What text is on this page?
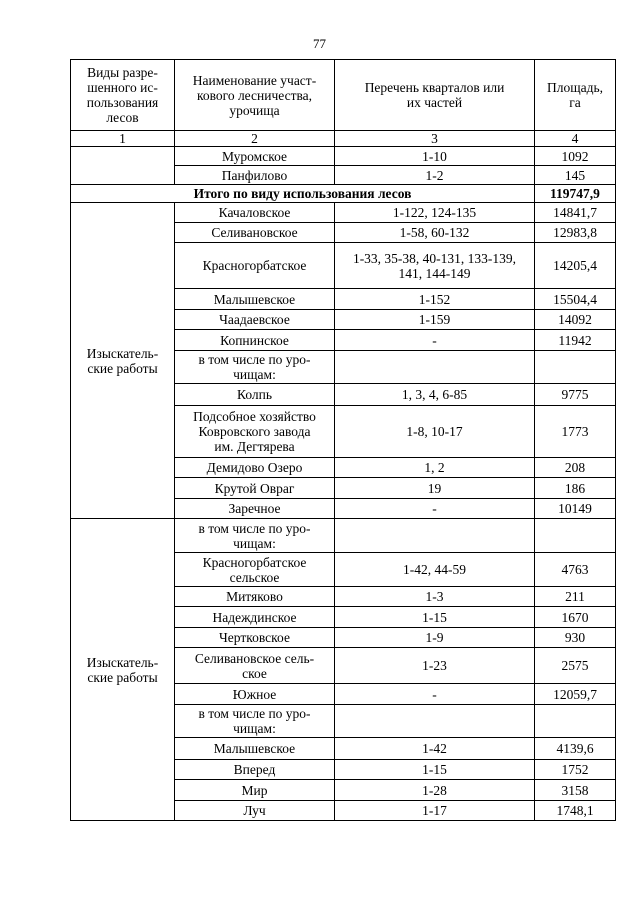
77
Виды разре-
шенного ис-
пользования
лесов	Наименование участ-
кового лесничества,
урочища	Перечень кварталов или
их частей	Площадь,
га
1	2	3	4
	Муромское	1-10	1092
	Панфилово	1-2	145
Итого по виду использования лесов			119747,9
Изыскатель-
ские работы	Качаловское	1-122, 124-135	14841,7
	Селивановское	1-58, 60-132	12983,8
	Красногорбатское	1-33, 35-38, 40-131, 133-139,
141, 144-149	14205,4
	Малышевское	1-152	15504,4
	Чаадаевское	1-159	14092
	Копнинское	-	11942
	в том числе по уро-
чищам:		
	Колпь	1, 3, 4, 6-85	9775
	Подсобное хозяйство
Ковровского завода
им. Дегтярева	1-8, 10-17	1773
	Демидово Озеро	1, 2	208
	Крутой Овраг	19	186
	Заречное	-	10149
Изыскатель-
ские работы	в том числе по уро-
чищам:		
	Красногорбатское
сельское	1-42, 44-59	4763
	Митяково	1-3	211
	Надеждинское	1-15	1670
	Чертковское	1-9	930
	Селивановское сель-
ское	1-23	2575
	Южное	-	12059,7
	в том числе по уро-
чищам:		
	Малышевское	1-42	4139,6
	Вперед	1-15	1752
	Мир	1-28	3158
	Луч	1-17	1748,1
